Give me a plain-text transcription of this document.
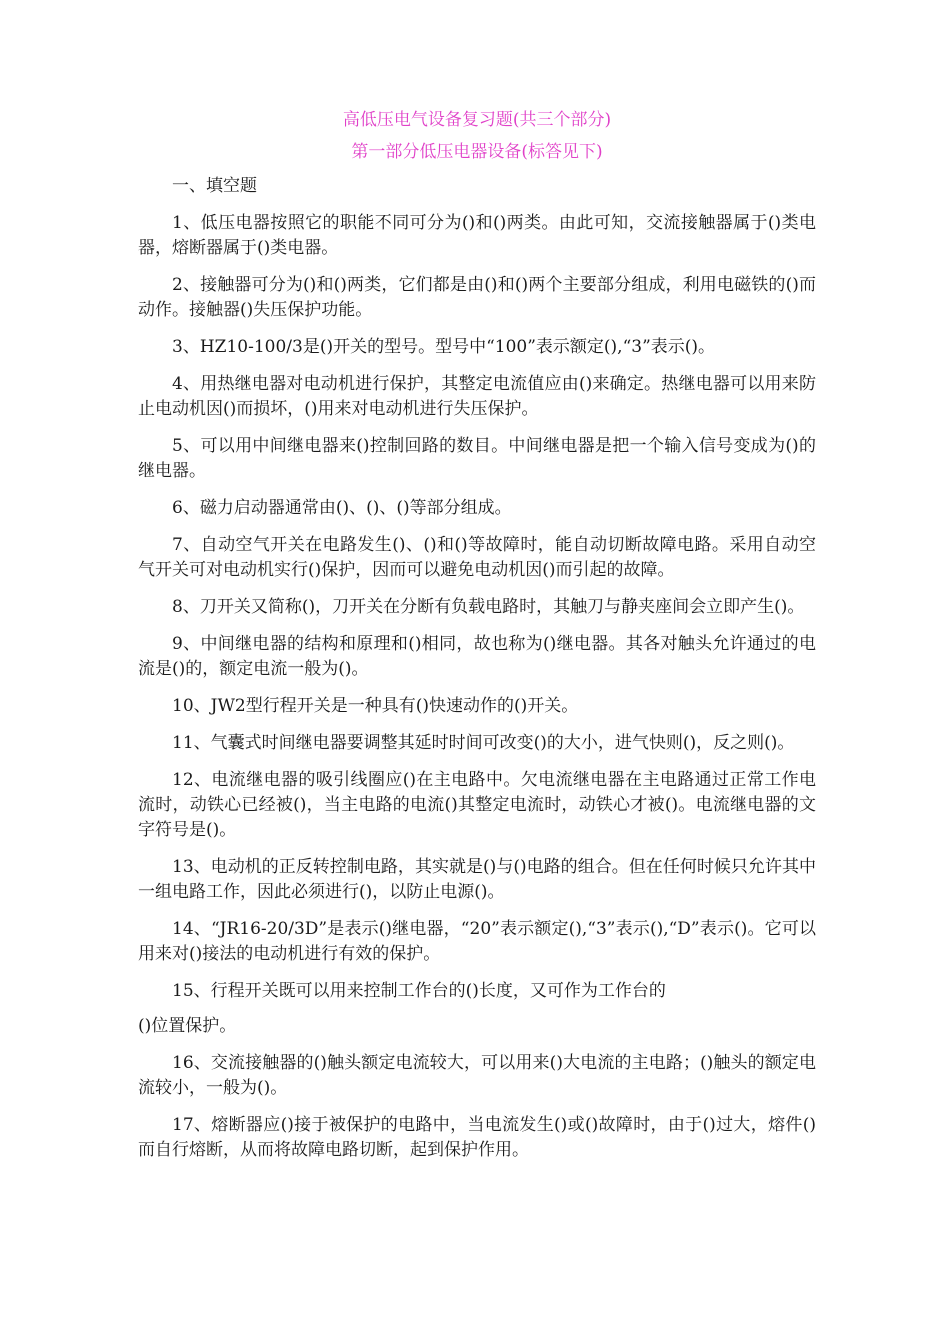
高低压电气设备复习题(共三个部分)

第一部分低压电器设备(标答见下)

一、填空题

1、低压电器按照它的职能不同可分为()和()两类。由此可知，交流接触器属于()类电器，熔断器属于()类电器。

2、接触器可分为()和()两类，它们都是由()和()两个主要部分组成，利用电磁铁的()而动作。接触器()失压保护功能。

3、HZ10-100/3是()开关的型号。型号中“100”表示额定(),“3”表示()。

4、用热继电器对电动机进行保护，其整定电流值应由()来确定。热继电器可以用来防止电动机因()而损坏，()用来对电动机进行失压保护。

5、可以用中间继电器来()控制回路的数目。中间继电器是把一个输入信号变成为()的继电器。

6、磁力启动器通常由()、()、()等部分组成。

7、自动空气开关在电路发生()、()和()等故障时，能自动切断故障电路。采用自动空气开关可对电动机实行()保护，因而可以避免电动机因()而引起的故障。

8、刀开关又简称()，刀开关在分断有负载电路时，其触刀与静夹座间会立即产生()。

9、中间继电器的结构和原理和()相同，故也称为()继电器。其各对触头允许通过的电流是()的，额定电流一般为()。

10、JW2型行程开关是一种具有()快速动作的()开关。

11、气囊式时间继电器要调整其延时时间可改变()的大小，进气快则()，反之则()。

12、电流继电器的吸引线圈应()在主电路中。欠电流继电器在主电路通过正常工作电流时，动铁心已经被()，当主电路的电流()其整定电流时，动铁心才被()。电流继电器的文字符号是()。

13、电动机的正反转控制电路，其实就是()与()电路的组合。但在任何时候只允许其中一组电路工作，因此必须进行()，以防止电源()。

14、“JR16-20/3D”是表示()继电器，“20”表示额定(),“3”表示(),“D”表示()。它可以用来对()接法的电动机进行有效的保护。

15、行程开关既可以用来控制工作台的()长度，又可作为工作台的

()位置保护。

16、交流接触器的()触头额定电流较大，可以用来()大电流的主电路；()触头的额定电流较小，一般为()。

17、熔断器应()接于被保护的电路中，当电流发生()或()故障时，由于()过大，熔件()而自行熔断，从而将故障电路切断，起到保护作用。
